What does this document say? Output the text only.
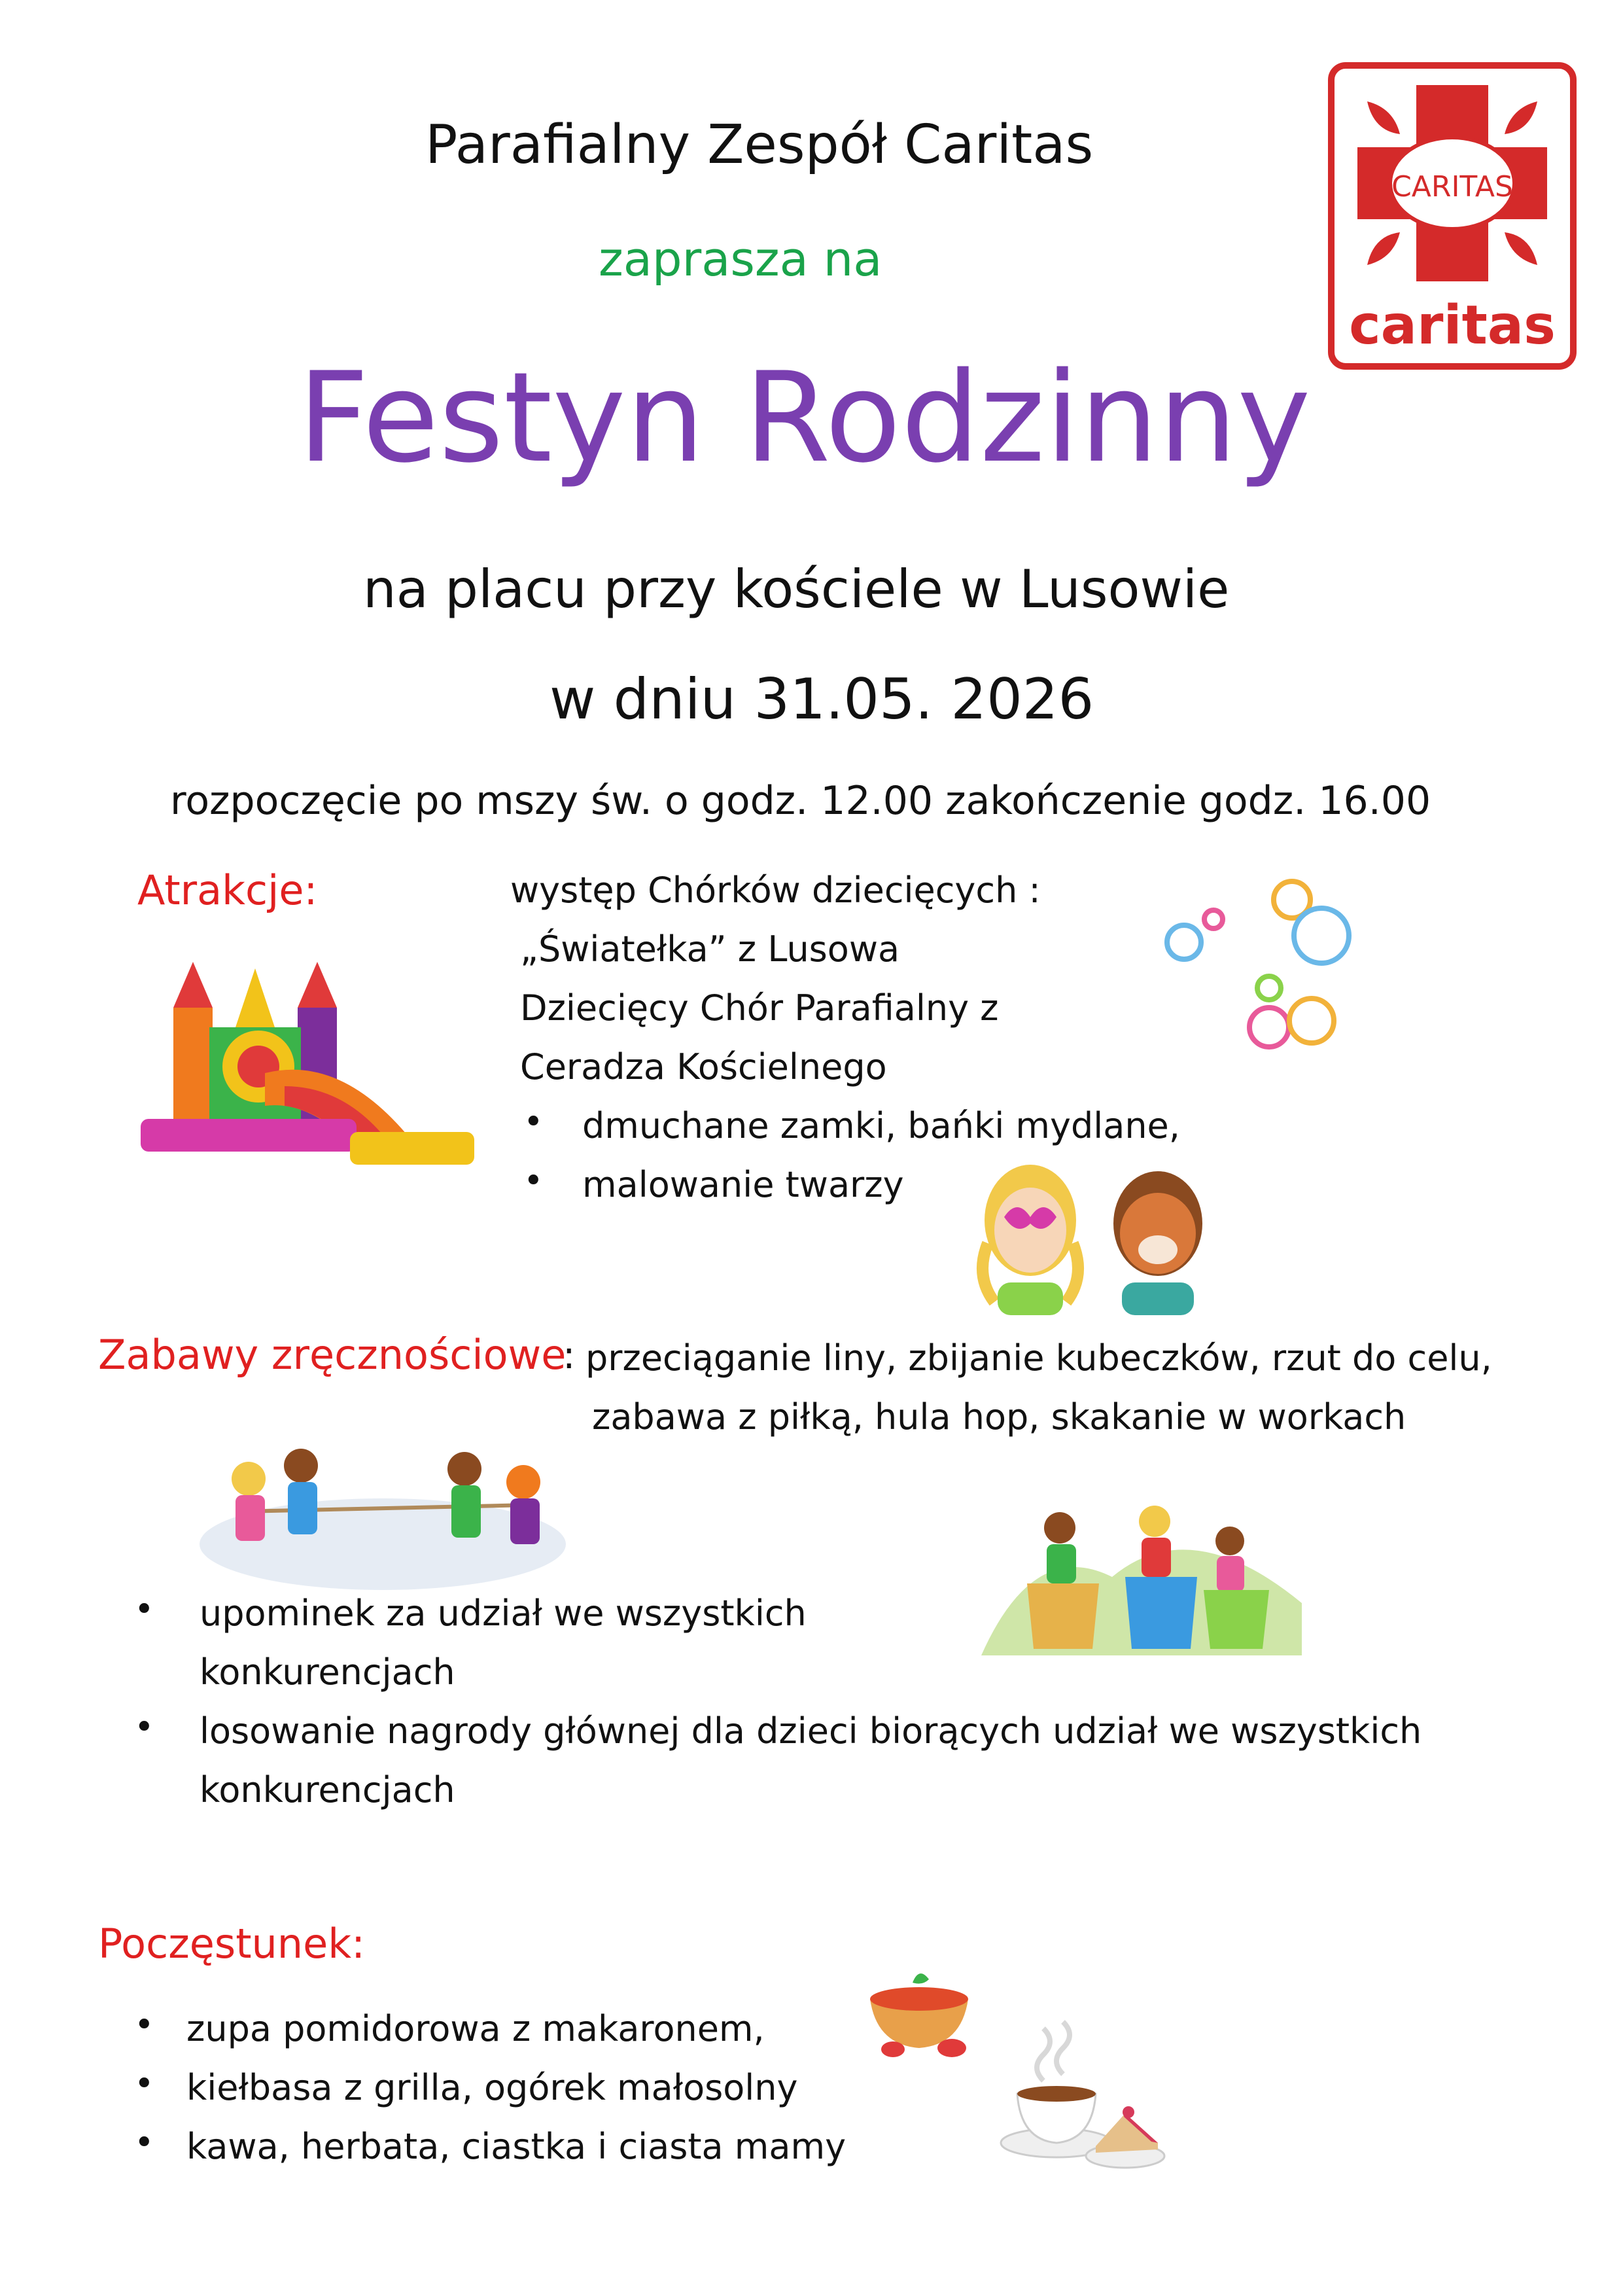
Parafialny Zespół Caritas
zaprasza na
Festyn Rodzinny
na placu przy kościele w Lusowie
w dniu 31.05. 2026
rozpoczęcie po mszy św. o godz. 12.00 zakończenie godz. 16.00
CARITAS
caritas
Atrakcje:	występ Chórków dziecięcych :
„Światełka” z Lusowa
Dziecięcy Chór Parafialny z
Ceradza Kościelnego
• dmuchane zamki, bańki mydlane,
• malowanie twarzy
Zabawy zręcznościowe
: przeciąganie liny, zbijanie kubeczków, rzut do celu,
zabawa z piłką, hula hop, skakanie w workach
• upominek za udział we wszystkich
konkurencjach
• losowanie nagrody głównej dla dzieci biorących udział we wszystkich
konkurencjach
Poczęstunek:
• zupa pomidorowa z makaronem,
• kiełbasa z grilla, ogórek małosolny
• kawa, herbata, ciastka i ciasta mamy
